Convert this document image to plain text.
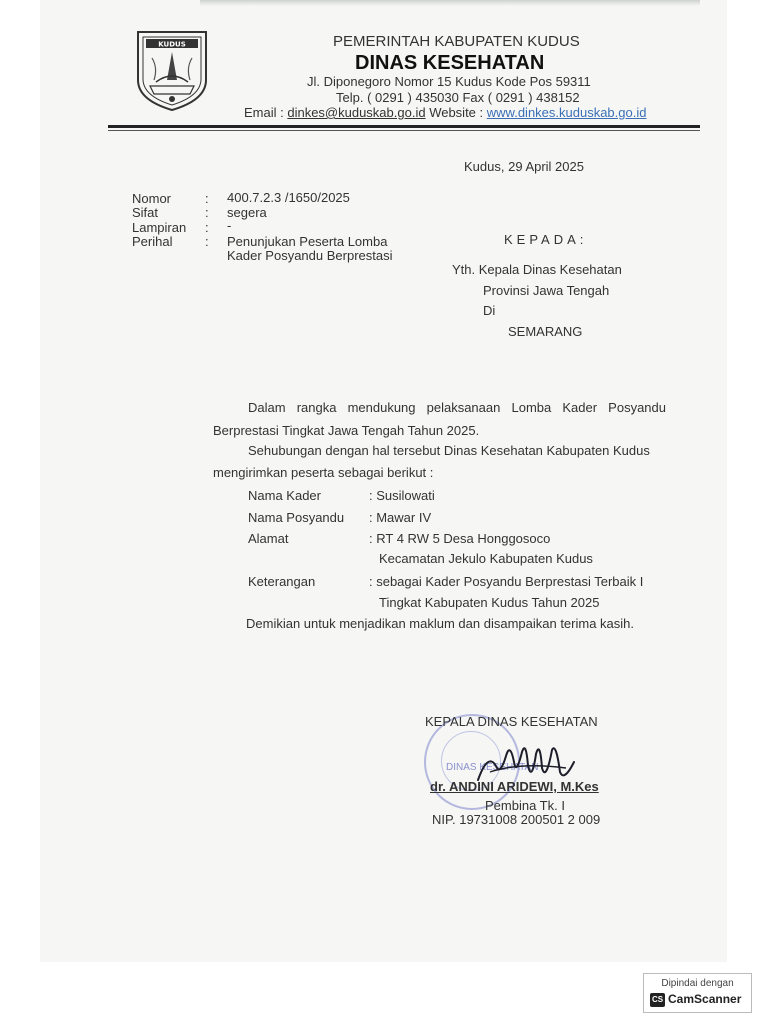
KUDUS	PEMERINTAH KABUPATEN KUDUS
DINAS KESEHATAN
Jl. Diponegoro Nomor 15 Kudus Kode Pos 59311
Telp. ( 0291 ) 435030 Fax ( 0291 ) 438152
Email : dinkes@kuduskab.go.id Website : www.dinkes.kuduskab.go.id
Kudus, 29 April 2025
Nomor	: 400.7.2.3 /1650/2025
Sifat	: segera
Lampiran : -
Perihal	: Penunjukan Peserta Lomba
Kader Posyandu Berprestasi
KEPADA:
Yth. Kepala Dinas Kesehatan
Provinsi Jawa Tengah
Di
SEMARANG
Dalam rangka mendukung pelaksanaan Lomba Kader Posyandu
Berprestasi Tingkat Jawa Tengah Tahun 2025.
Sehubungan dengan hal tersebut Dinas Kesehatan Kabupaten Kudus
mengirimkan peserta sebagai berikut :
Nama Kader	: Susilowati
Nama Posyandu : Mawar IV
Alamat	: RT 4 RW 5 Desa Honggosoco
Kecamatan Jekulo Kabupaten Kudus
Keterangan	: sebagai Kader Posyandu Berprestasi Terbaik I
Tingkat Kabupaten Kudus Tahun 2025
Demikian untuk menjadikan maklum dan disampaikan terima kasih.
DINAS KESEHATAN
KEPALA DINAS KESEHATAN
dr. ANDINI ARIDEWI, M.Kes
Pembina Tk. I
NIP. 19731008 200501 2 009
Dipindai dengan
CS CamScanner
